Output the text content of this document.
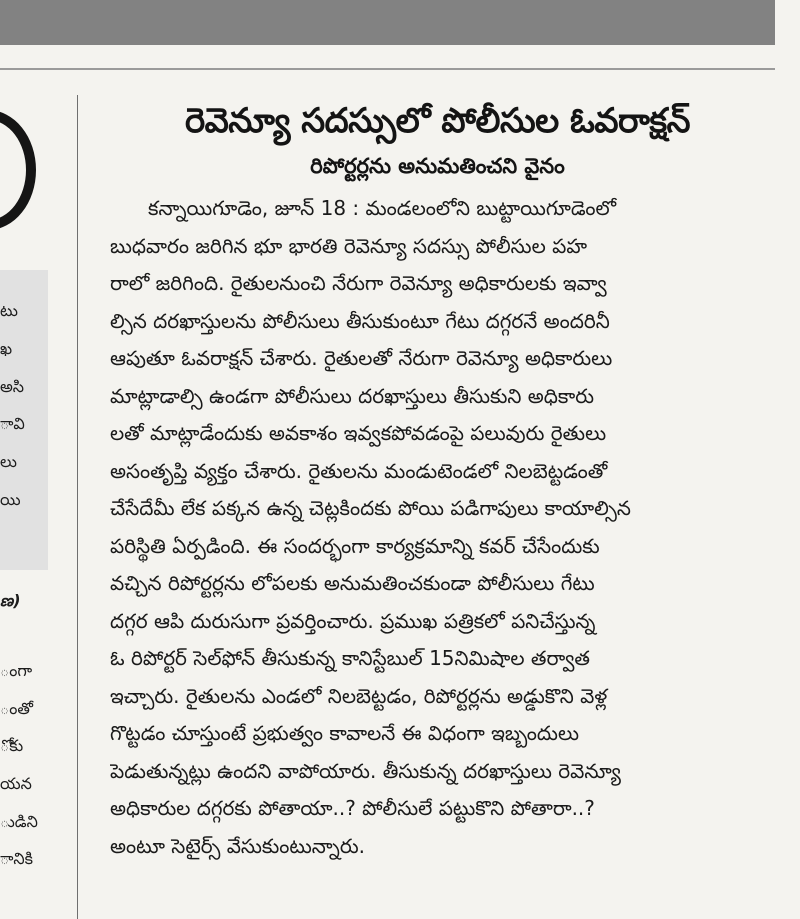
టు
ఖ
అసి
ావి
లు
యి
ణ)
ంగా
ంతో
ోకు
యన
ుడిని
ానికి
రెవెన్యూ సదస్సులో పోలీసుల ఓవరాక్షన్
రిపోర్టర్లను అనుమతించని వైనం
కన్నాయిగూడెం, జూన్ 18 : మండలంలోని బుట్టాయిగూడెంలో
బుధవారం జరిగిన భూ భారతి రెవెన్యూ సదస్సు పోలీసుల పహ
రాలో జరిగింది. రైతులనుంచి నేరుగా రెవెన్యూ అధికారులకు ఇవ్వా
ల్సిన దరఖాస్తులను పోలీసులు తీసుకుంటూ గేటు దగ్గరనే అందరినీ
ఆపుతూ ఓవరాక్షన్ చేశారు. రైతులతో నేరుగా రెవెన్యూ అధికారులు
మాట్లాడాల్సి ఉండగా పోలీసులు దరఖాస్తులు తీసుకుని అధికారు
లతో మాట్లాడేందుకు అవకాశం ఇవ్వకపోవడంపై పలువురు రైతులు
అసంతృప్తి వ్యక్తం చేశారు. రైతులను మండుటెండలో నిలబెట్టడంతో
చేసేదేమీ లేక పక్కన ఉన్న చెట్లకిందకు పోయి పడిగాపులు కాయాల్సిన
పరిస్థితి ఏర్పడింది. ఈ సందర్భంగా కార్యక్రమాన్ని కవర్ చేసేందుకు
వచ్చిన రిపోర్టర్లను లోపలకు అనుమతించకుండా పోలీసులు గేటు
దగ్గర ఆపి దురుసుగా ప్రవర్తించారు. ప్రముఖ పత్రికలో పనిచేస్తున్న
ఓ రిపోర్టర్ సెల్‌ఫోన్ తీసుకున్న కానిస్టేబుల్ 15నిమిషాల తర్వాత
ఇచ్చారు. రైతులను ఎండలో నిలబెట్టడం, రిపోర్టర్లను అడ్డుకొని వెళ్ల
గొట్టడం చూస్తుంటే ప్రభుత్వం కావాలనే ఈ విధంగా ఇబ్బందులు
పెడుతున్నట్లు ఉందని వాపోయారు. తీసుకున్న దరఖాస్తులు రెవెన్యూ
అధికారుల దగ్గరకు పోతాయా..? పోలీసులే పట్టుకొని పోతారా..?
అంటూ సెటైర్స్ వేసుకుంటున్నారు.
